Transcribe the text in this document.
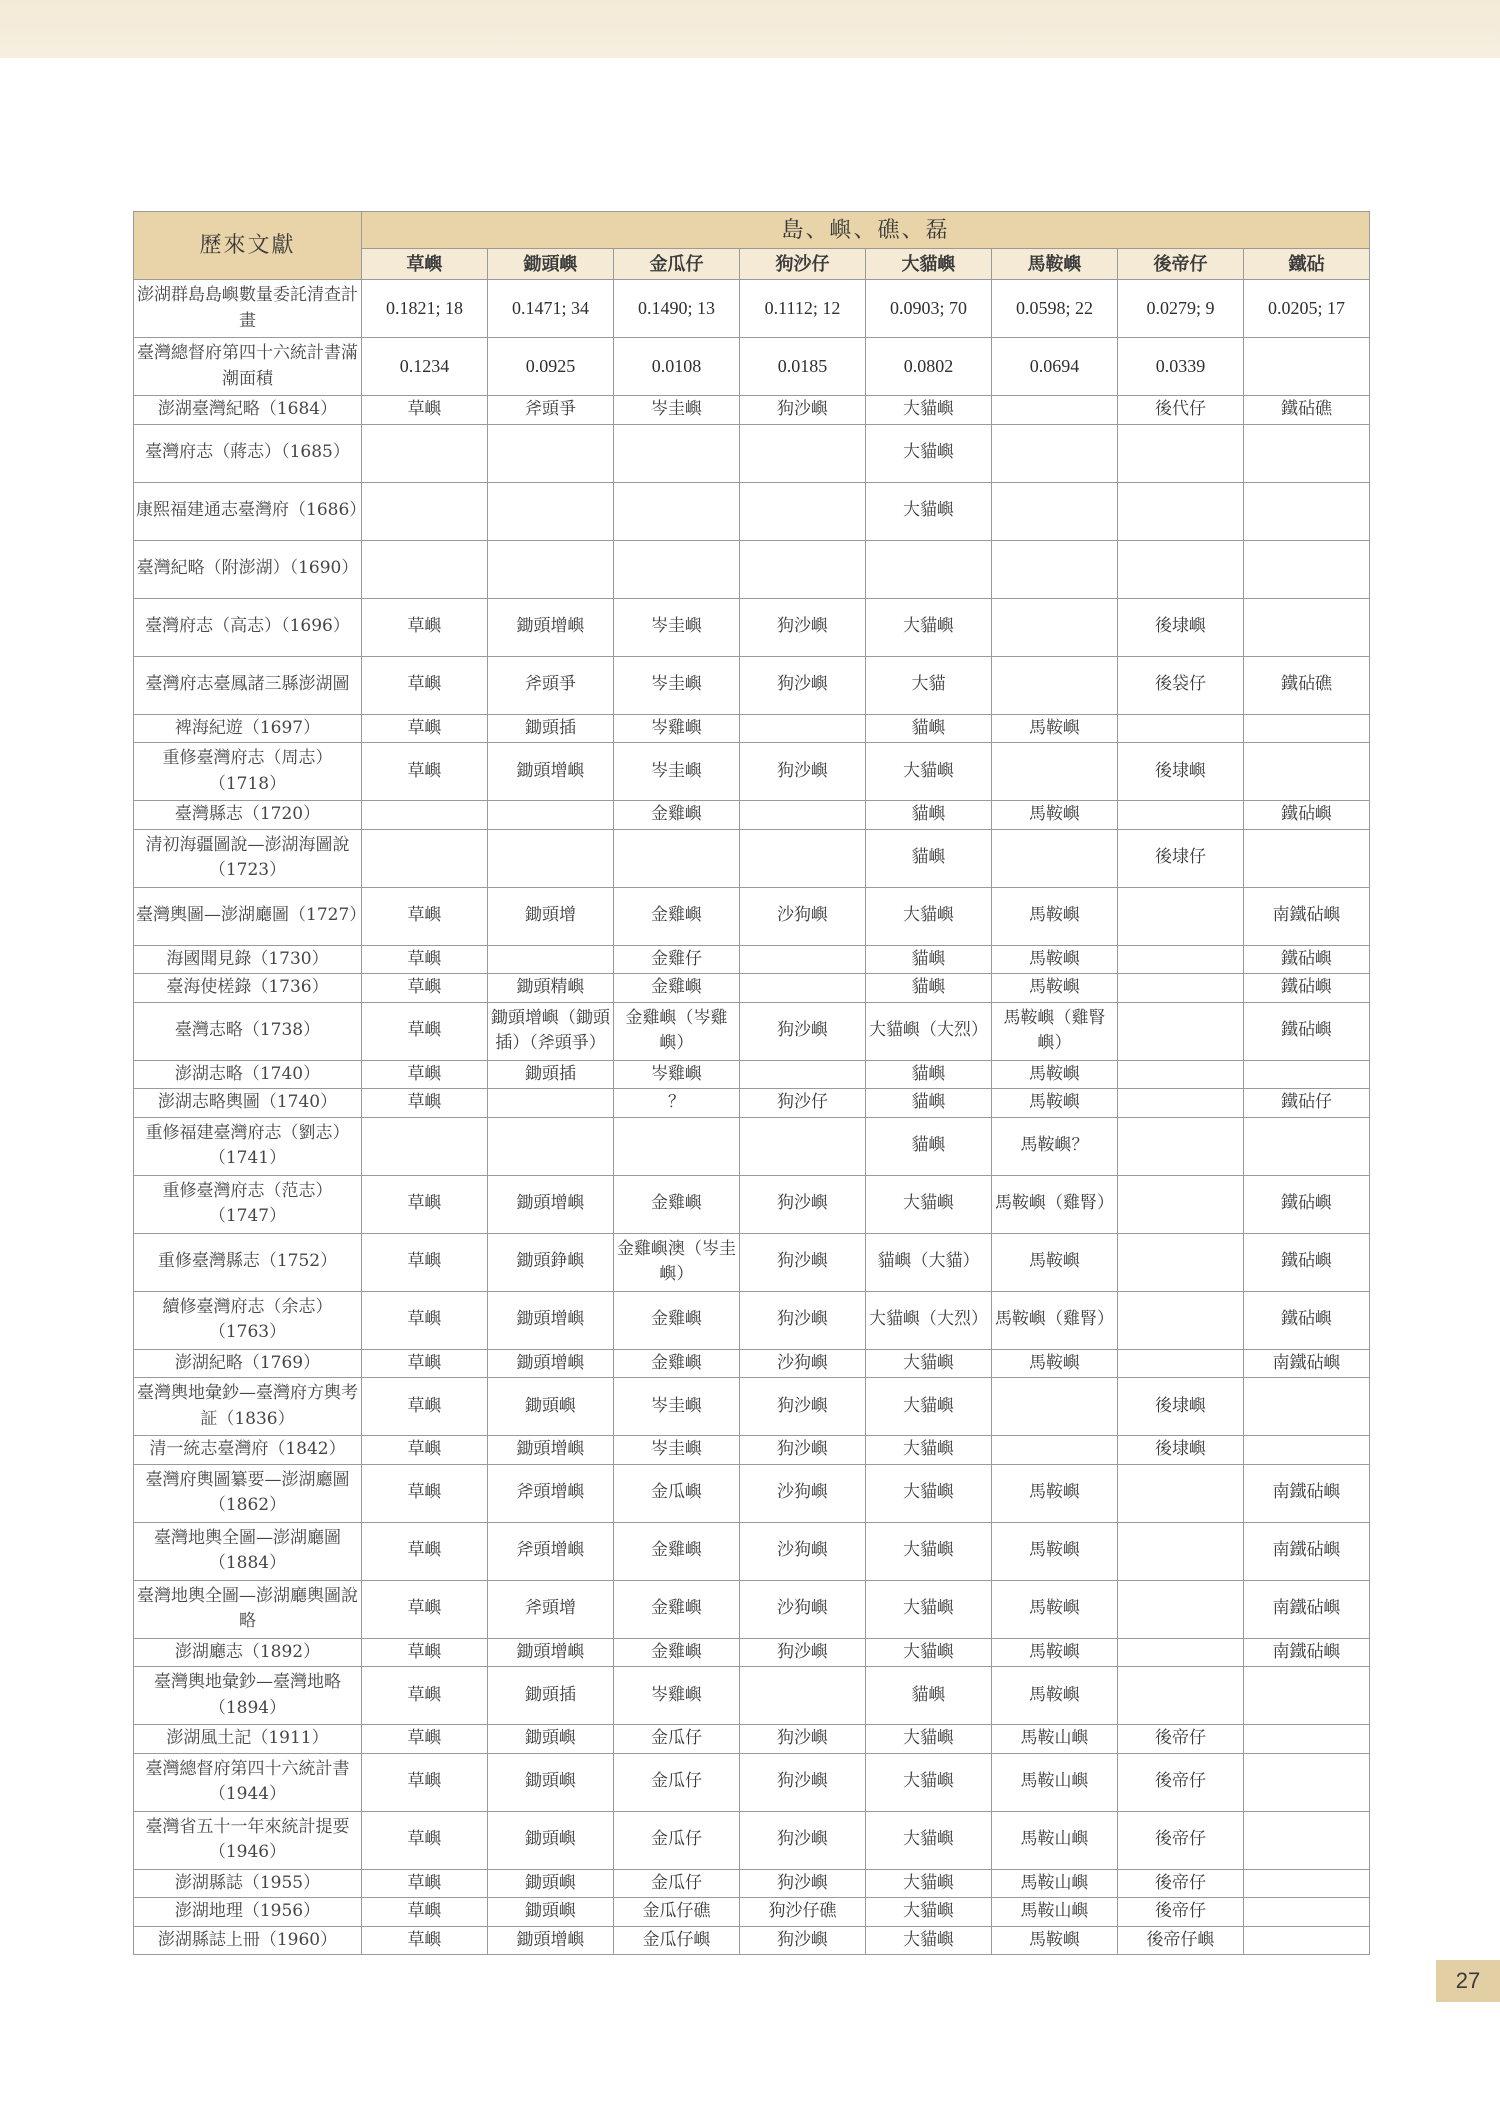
歷來文獻	島、嶼、礁、磊							
	草嶼	鋤頭嶼	金瓜仔	狗沙仔	大貓嶼	馬鞍嶼	後帝仔	鐵砧
澎湖群島島嶼數量委託清查計畫	0.1821; 18	0.1471; 34	0.1490; 13	0.1112; 12	0.0903; 70	0.0598; 22	0.0279; 9	0.0205; 17
臺灣總督府第四十六統計書滿潮面積	0.1234	0.0925	0.0108	0.0185	0.0802	0.0694	0.0339	
澎湖臺灣紀略（1684）	草嶼	斧頭爭	岑圭嶼	狗沙嶼	大貓嶼		後代仔	鐵砧礁
臺灣府志（蔣志）（1685）					大貓嶼			
康熙福建通志臺灣府（1686）					大貓嶼			
臺灣紀略（附澎湖）（1690）								
臺灣府志（高志）（1696）	草嶼	鋤頭增嶼	岑圭嶼	狗沙嶼	大貓嶼		後埭嶼	
臺灣府志臺鳳諸三縣澎湖圖	草嶼	斧頭爭	岑圭嶼	狗沙嶼	大貓		後袋仔	鐵砧礁
裨海紀遊（1697）	草嶼	鋤頭插	岑雞嶼		貓嶼	馬鞍嶼		
重修臺灣府志（周志）（1718）	草嶼	鋤頭增嶼	岑圭嶼	狗沙嶼	大貓嶼		後埭嶼	
臺灣縣志（1720）			金雞嶼		貓嶼	馬鞍嶼		鐵砧嶼
清初海疆圖說—澎湖海圖說（1723）					貓嶼		後埭仔	
臺灣輿圖—澎湖廳圖（1727）	草嶼	鋤頭增	金雞嶼	沙狗嶼	大貓嶼	馬鞍嶼		南鐵砧嶼
海國聞見錄（1730）	草嶼		金雞仔		貓嶼	馬鞍嶼		鐵砧嶼
臺海使槎錄（1736）	草嶼	鋤頭精嶼	金雞嶼		貓嶼	馬鞍嶼		鐵砧嶼
臺灣志略（1738）	草嶼	鋤頭增嶼（鋤頭插）（斧頭爭）	金雞嶼（岑雞嶼）	狗沙嶼	大貓嶼（大烈）	馬鞍嶼（雞腎嶼）		鐵砧嶼
澎湖志略（1740）	草嶼	鋤頭插	岑雞嶼		貓嶼	馬鞍嶼		
澎湖志略輿圖（1740）	草嶼		？	狗沙仔	貓嶼	馬鞍嶼		鐵砧仔
重修福建臺灣府志（劉志）（1741）					貓嶼	馬鞍嶼？		
重修臺灣府志（范志）（1747）	草嶼	鋤頭增嶼	金雞嶼	狗沙嶼	大貓嶼	馬鞍嶼（雞腎）		鐵砧嶼
重修臺灣縣志（1752）	草嶼	鋤頭錚嶼	金雞嶼澳（岑圭嶼）	狗沙嶼	貓嶼（大貓）	馬鞍嶼		鐵砧嶼
續修臺灣府志（余志）（1763）	草嶼	鋤頭增嶼	金雞嶼	狗沙嶼	大貓嶼（大烈）	馬鞍嶼（雞腎）		鐵砧嶼
澎湖紀略（1769）	草嶼	鋤頭增嶼	金雞嶼	沙狗嶼	大貓嶼	馬鞍嶼		南鐵砧嶼
臺灣輿地彙鈔—臺灣府方輿考証（1836）	草嶼	鋤頭嶼	岑圭嶼	狗沙嶼	大貓嶼		後埭嶼	
清一統志臺灣府（1842）	草嶼	鋤頭增嶼	岑圭嶼	狗沙嶼	大貓嶼		後埭嶼	
臺灣府輿圖纂要—澎湖廳圖（1862）	草嶼	斧頭增嶼	金瓜嶼	沙狗嶼	大貓嶼	馬鞍嶼		南鐵砧嶼
臺灣地輿全圖—澎湖廳圖（1884）	草嶼	斧頭增嶼	金雞嶼	沙狗嶼	大貓嶼	馬鞍嶼		南鐵砧嶼
臺灣地輿全圖—澎湖廳輿圖說略	草嶼	斧頭增	金雞嶼	沙狗嶼	大貓嶼	馬鞍嶼		南鐵砧嶼
澎湖廳志（1892）	草嶼	鋤頭增嶼	金雞嶼	狗沙嶼	大貓嶼	馬鞍嶼		南鐵砧嶼
臺灣輿地彙鈔—臺灣地略（1894）	草嶼	鋤頭插	岑雞嶼		貓嶼	馬鞍嶼		
澎湖風土記（1911）	草嶼	鋤頭嶼	金瓜仔	狗沙嶼	大貓嶼	馬鞍山嶼	後帝仔	
臺灣總督府第四十六統計書（1944）	草嶼	鋤頭嶼	金瓜仔	狗沙嶼	大貓嶼	馬鞍山嶼	後帝仔	
臺灣省五十一年來統計提要（1946）	草嶼	鋤頭嶼	金瓜仔	狗沙嶼	大貓嶼	馬鞍山嶼	後帝仔	
澎湖縣誌（1955）	草嶼	鋤頭嶼	金瓜仔	狗沙嶼	大貓嶼	馬鞍山嶼	後帝仔	
澎湖地理（1956）	草嶼	鋤頭嶼	金瓜仔礁	狗沙仔礁	大貓嶼	馬鞍山嶼	後帝仔	
澎湖縣誌上冊（1960）	草嶼	鋤頭增嶼	金瓜仔嶼	狗沙嶼	大貓嶼	馬鞍嶼	後帝仔嶼	
27
